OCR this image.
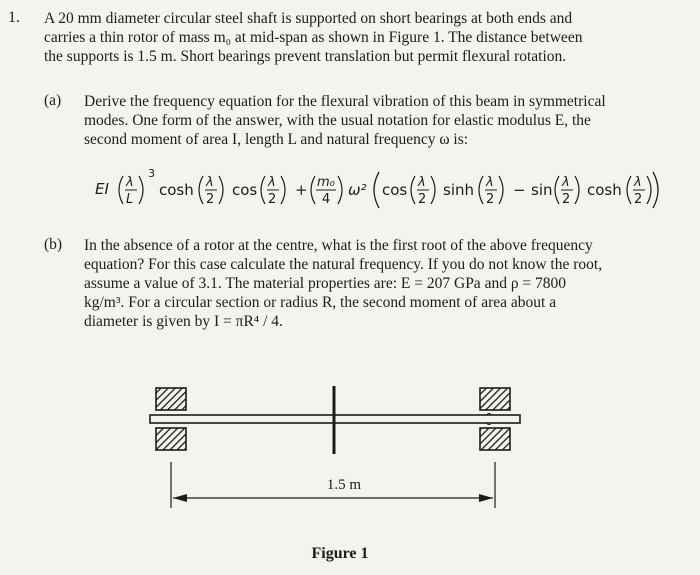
1. A 20 mm diameter circular steel shaft is supported on short bearings at both ends and
carries a thin rotor of mass m₀ at mid-span as shown in Figure 1. The distance between
the supports is 1.5 m. Short bearings prevent translation but permit flexural rotation.
(a) Derive the frequency equation for the flexural vibration of this beam in symmetrical
modes. One form of the answer, with the usual notation for elastic modulus E, the
second moment of area I, length L and natural frequency ω is:
EI λ
L
3
cosh λ
2
cos λ
2
+ m₀
4
ω² cos λ
2
sinh λ
2
− sin λ
2
cosh λ
2
(b) In the absence of a rotor at the centre, what is the first root of the above frequency
equation? For this case calculate the natural frequency. If you do not know the root,
assume a value of 3.1. The material properties are: E = 207 GPa and ρ = 7800
kg/m³. For a circular section or radius R, the second moment of area about a
diameter is given by I = πR⁴ / 4.
1.5 m
Figure 1
